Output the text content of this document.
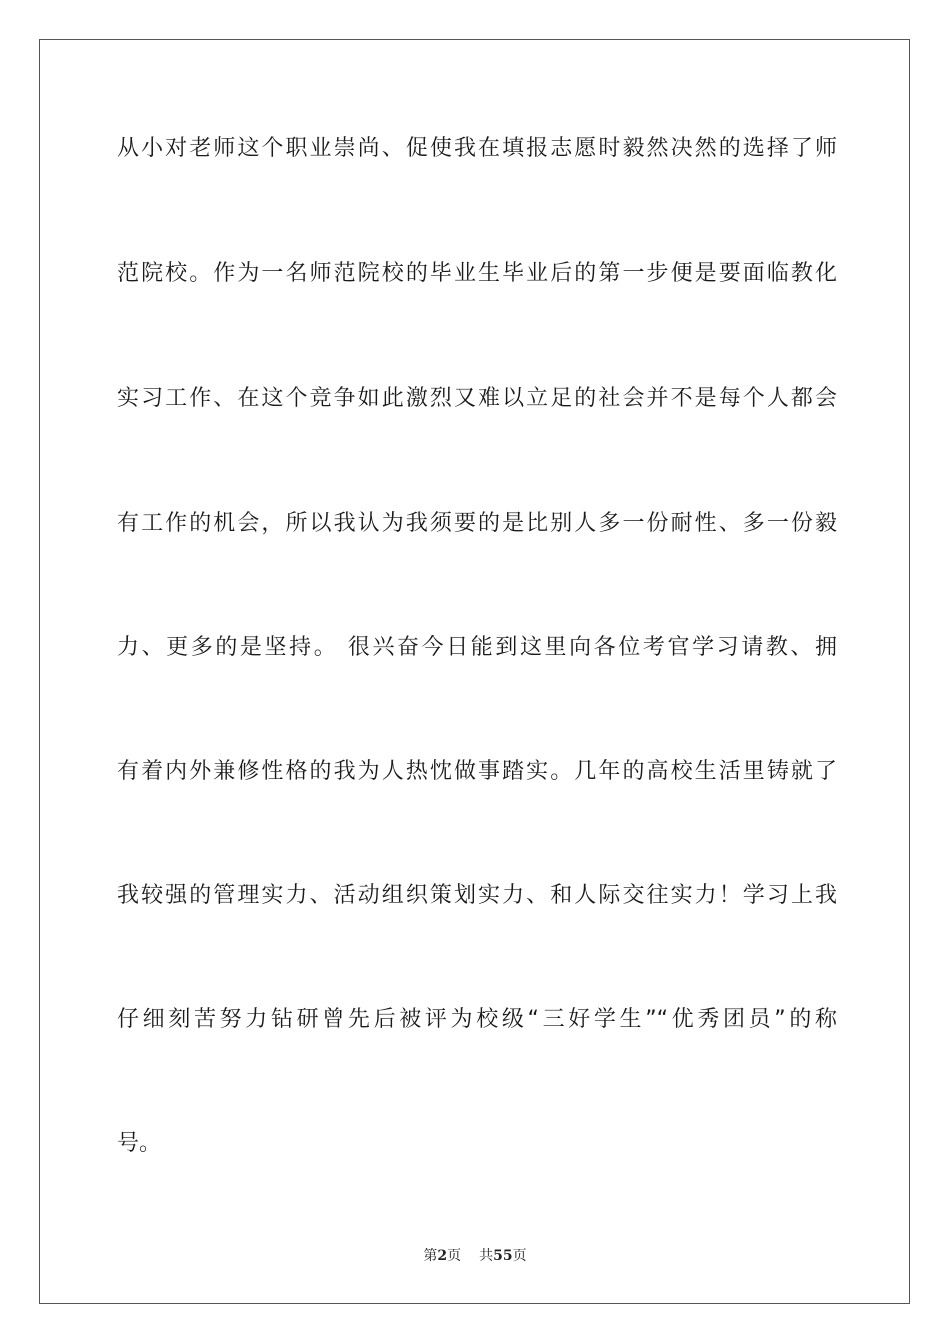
从小对老师这个职业崇尚、促使我在填报志愿时毅然决然的选择了师

范院校。作为一名师范院校的毕业生毕业后的第一步便是要面临教化

实习工作、在这个竞争如此激烈又难以立足的社会并不是每个人都会

有工作的机会，所以我认为我须要的是比别人多一份耐性、多一份毅

力、更多的是坚持。 很兴奋今日能到这里向各位考官学习请教、拥

有着内外兼修性格的我为人热忱做事踏实。几年的高校生活里铸就了

我较强的管理实力、活动组织策划实力、和人际交往实力！学习上我

仔细刻苦努力钻研曾先后被评为校级“三好学生”“优秀团员”的称

号。

第2页 共55页
